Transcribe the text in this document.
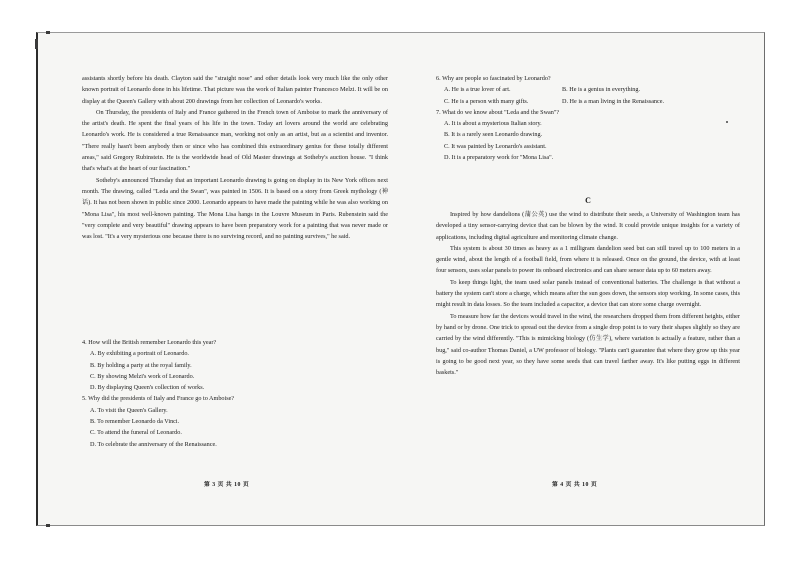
assistants shortly before his death. Clayton said the "straight nose" and other details look very much like the only other known portrait of Leonardo done in his lifetime. That picture was the work of Italian painter Francesco Melzi. It will be on display at the Queen's Gallery with about 200 drawings from her collection of Leonardo's works.

On Thursday, the presidents of Italy and France gathered in the French town of Amboise to mark the anniversary of the artist's death. He spent the final years of his life in the town. Today art lovers around the world are celebrating Leonardo's work. He is considered a true Renaissance man, working not only as an artist, but as a scientist and inventor. "There really hasn't been anybody then or since who has combined this extraordinary genius for these totally different areas," said Gregory Rubinstein. He is the worldwide head of Old Master drawings at Sotheby's auction house. "I think that's what's at the heart of our fascination."

Sotheby's announced Thursday that an important Leonardo drawing is going on display in its New York offices next month. The drawing, called "Leda and the Swan", was painted in 1506. It is based on a story from Greek mythology (神话). It has not been shown in public since 2000. Leonardo appears to have made the painting while he was also working on "Mona Lisa", his most well-known painting. The Mona Lisa hangs in the Louvre Museum in Paris. Rubenstein said the "very complete and very beautiful" drawing appears to have been preparatory work for a painting that was never made or was lost. "It's a very mysterious one because there is no surviving record, and no painting survives," he said.

4. How will the British remember Leonardo this year?

A. By exhibiting a portrait of Leonardo.

B. By holding a party at the royal family.

C. By showing Melzi's work of Leonardo.

D. By displaying Queen's collection of works.

5. Why did the presidents of Italy and France go to Amboise?

A. To visit the Queen's Gallery.

B. To remember Leonardo da Vinci.

C. To attend the funeral of Leonardo.

D. To celebrate the anniversary of the Renaissance.

第 3 页 共 10 页

6. Why are people so fascinated by Leonardo?

A. He is a true lover of art.	B. He is a genius in everything.
C. He is a person with many gifts.	D. He is a man living in the Renaissance.

7. What do we know about "Leda and the Swan"?

A. It is about a mysterious Italian story.

B. It is a rarely seen Leonardo drawing.

C. It was painted by Leonardo's assistant.

D. It is a preparatory work for "Mona Lisa".

C

Inspired by how dandelions (蒲公英) use the wind to distribute their seeds, a University of Washington team has developed a tiny sensor-carrying device that can be blown by the wind. It could provide unique insights for a variety of applications, including digital agriculture and monitoring climate change.

This system is about 30 times as heavy as a 1 milligram dandelion seed but can still travel up to 100 meters in a gentle wind, about the length of a football field, from where it is released. Once on the ground, the device, with at least four sensors, uses solar panels to power its onboard electronics and can share sensor data up to 60 meters away.

To keep things light, the team used solar panels instead of conventional batteries. The challenge is that without a battery the system can't store a charge, which means after the sun goes down, the sensors stop working. In some cases, this might result in data losses. So the team included a capacitor, a device that can store some charge overnight.

To measure how far the devices would travel in the wind, the researchers dropped them from different heights, either by hand or by drone. One trick to spread out the device from a single drop point is to vary their shapes slightly so they are carried by the wind differently. "This is mimicking biology (仿生学), where variation is actually a feature, rather than a bug," said co-author Thomas Daniel, a UW professor of biology. "Plants can't guarantee that where they grow up this year is going to be good next year, so they have some seeds that can travel farther away. It's like putting eggs in different baskets."

第 4 页 共 10 页
